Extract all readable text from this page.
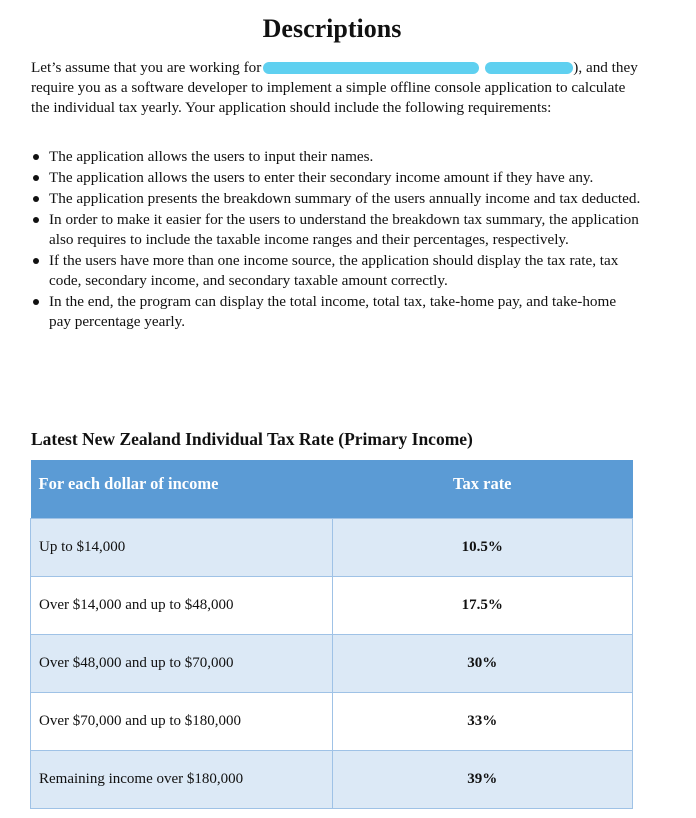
Descriptions

Let’s assume that you are working for	), and they require you as a software developer to implement a simple offline console application to calculate the individual tax yearly. Your application should include the following requirements:

The application allows the users to input their names.
The application allows the users to enter their secondary income amount if they have any.
The application presents the breakdown summary of the users annually income and tax deducted.
In order to make it easier for the users to understand the breakdown tax summary, the application also requires to include the taxable income ranges and their percentages, respectively.
If the users have more than one income source, the application should display the tax rate, tax code, secondary income, and secondary taxable amount correctly.
In the end, the program can display the total income, total tax, take-home pay, and take-home pay percentage yearly.
Latest New Zealand Individual Tax Rate (Primary Income)
For each dollar of income	Tax rate
Up to $14,000	10.5%
Over $14,000 and up to $48,000	17.5%
Over $48,000 and up to $70,000	30%
Over $70,000 and up to $180,000	33%
Remaining income over $180,000	39%
